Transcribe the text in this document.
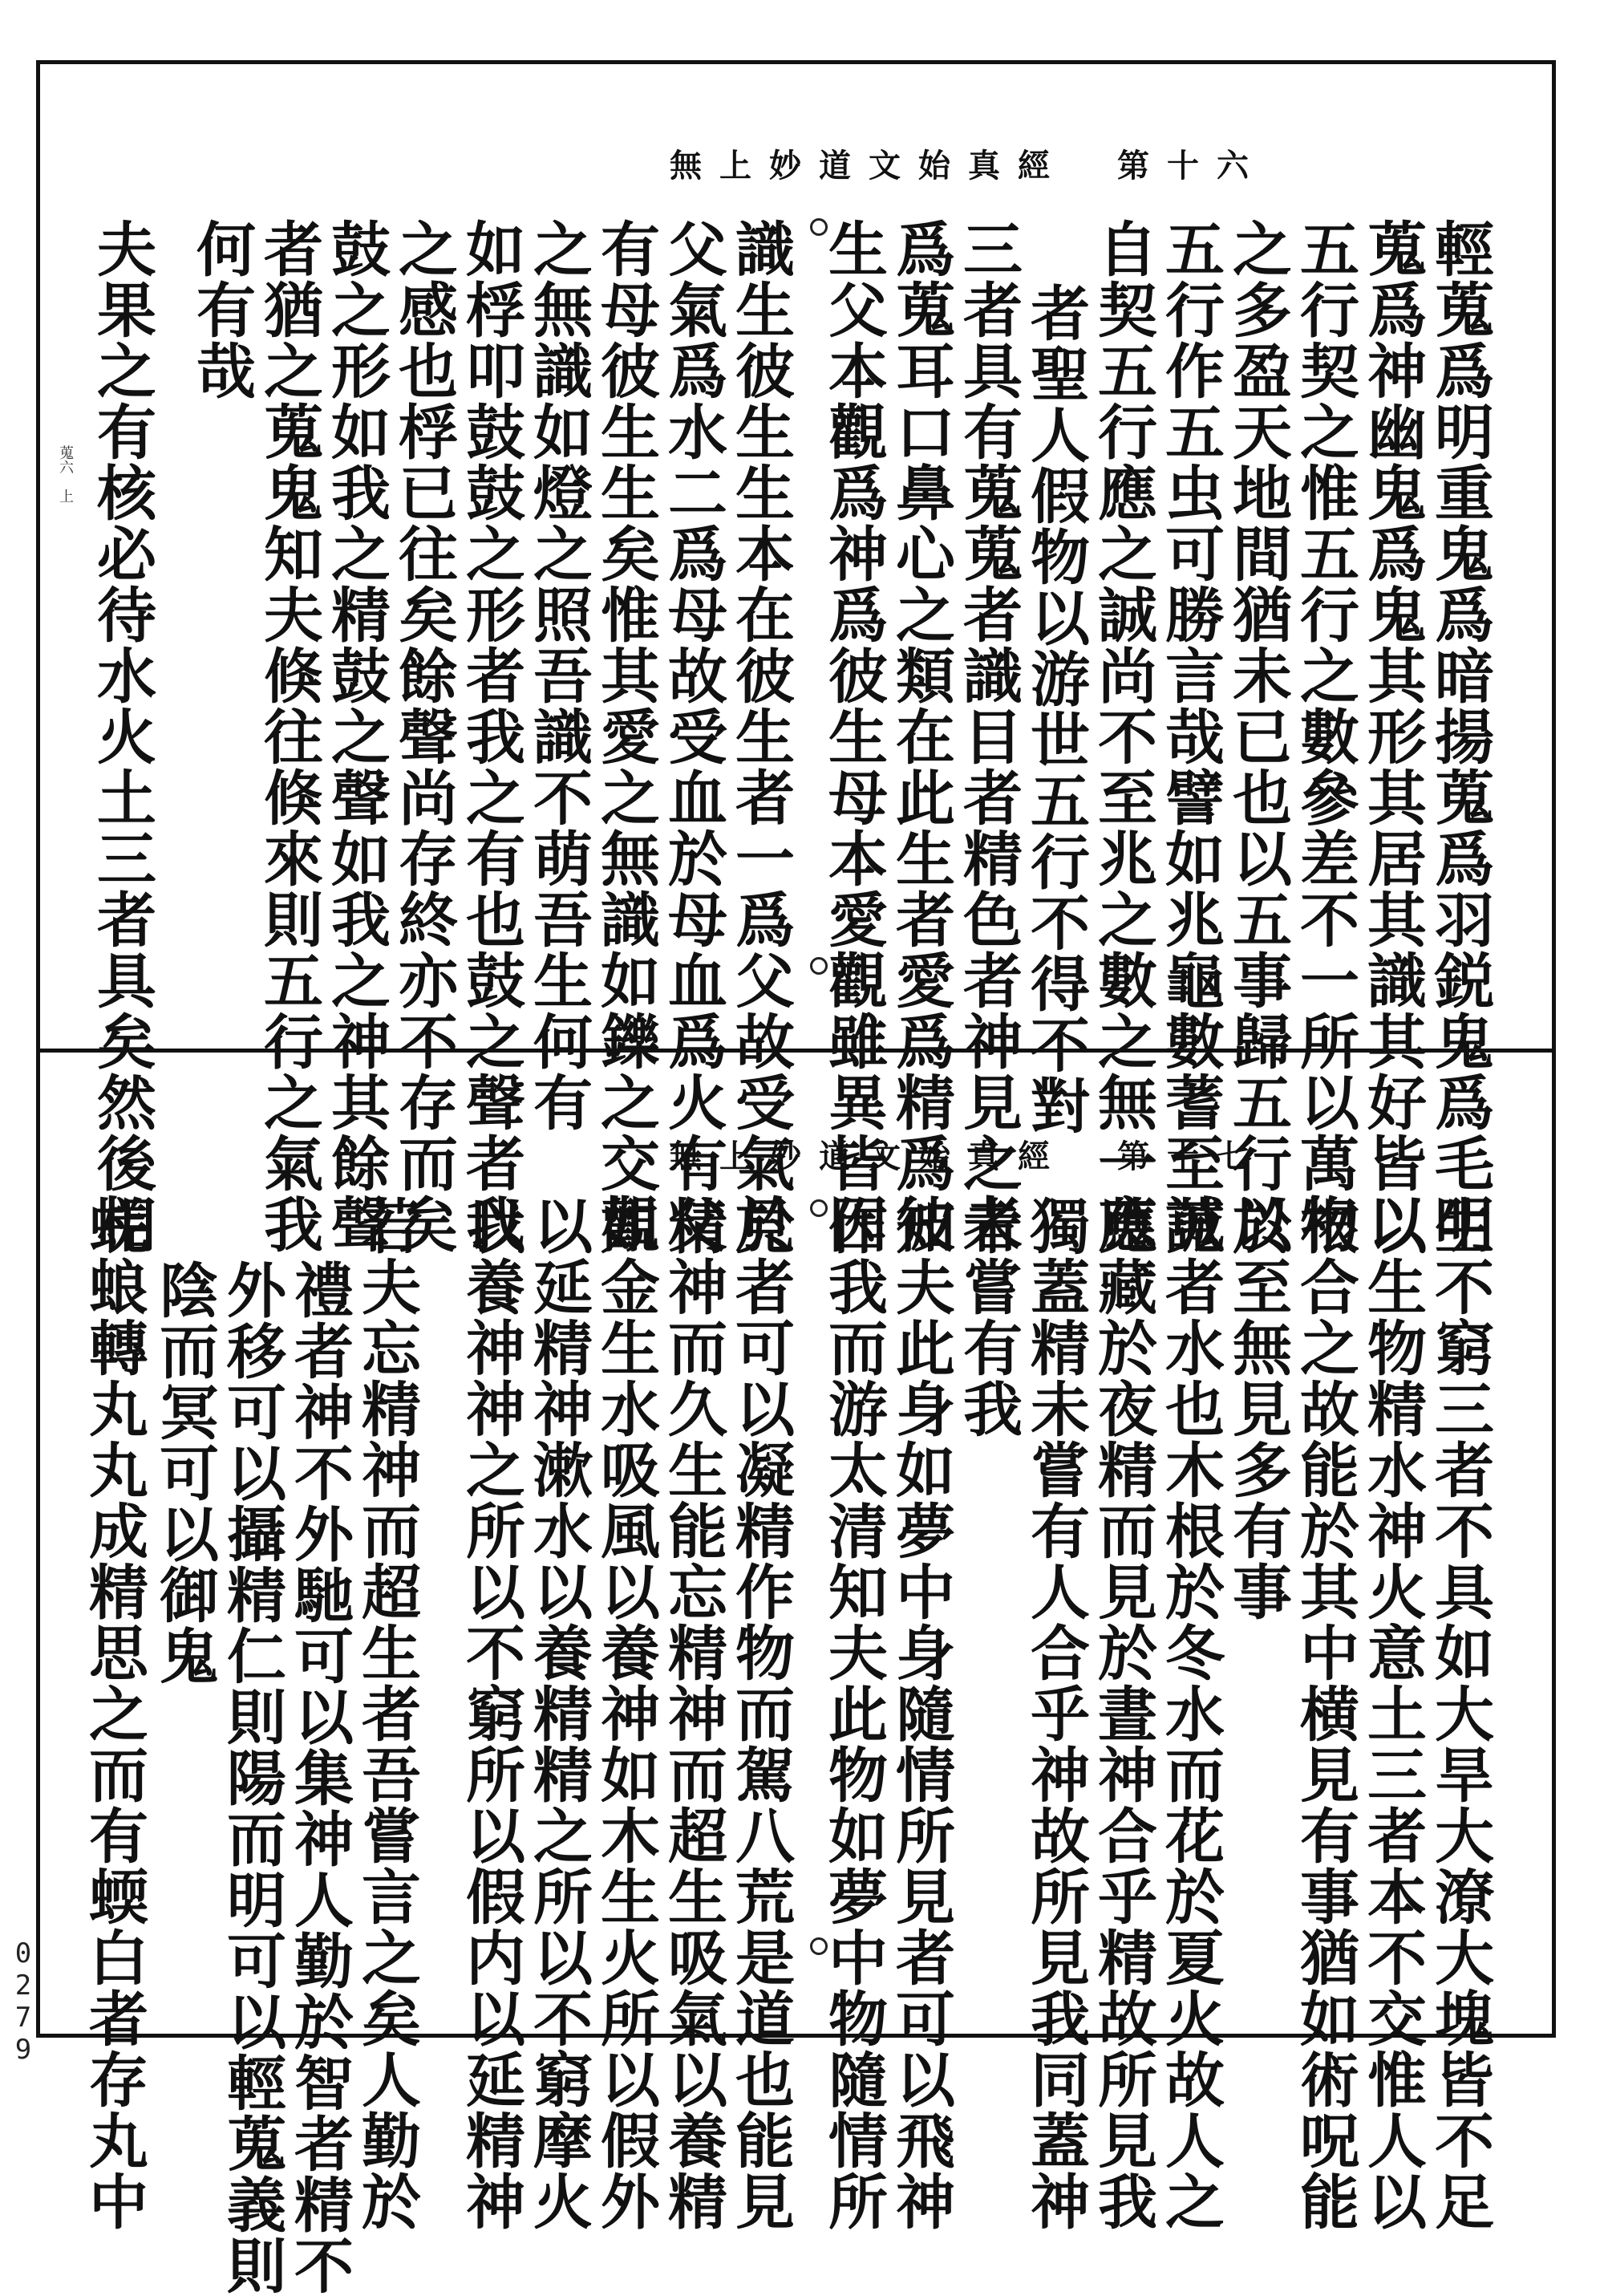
無上妙道文始真經　第十六
輕蒐爲明重鬼爲暗揚蒐爲羽鋭鬼爲毛明
蒐爲神幽鬼爲鬼其形其居其識其好皆以
五行契之惟五行之數參差不一所以萬物
之多盈天地間猶未已也以五事歸五行以
五行作五虫可勝言哉譬如兆龜數蓍至誠
自契五行應之誠尚不至兆之數之無一應
者聖人假物以游世五行不得不對
三者具有蒐蒐者識目者精色者神見之者
爲蒐耳口鼻心之類在此生者愛爲精爲彼
生父本觀爲神爲彼生母本愛觀雖異皆因
識生彼生生本在彼生者一爲父故受氣於
父氣爲水二爲母故受血於母血爲火有父
有母彼生生矣惟其愛之無識如鑠之交觀
之無識如燈之照吾識不萌吾生何有
如桴叩鼓鼓之形者我之有也鼓之聲者我
之感也桴已往矣餘聲尚存終亦不存而矣
鼓之形如我之精鼓之聲如我之神其餘聲
者猶之蒐鬼知夫倏往倏來則五行之氣我
何有哉
夫果之有核必待水火土三者具矣然後相
蒐六　上
無上妙道文始真經　第十七
生不窮三者不具如大旱大潦大塊皆不足
以生物精水神火意土三者本不交惟人以
根合之故能於其中横見有事猶如術呪能
於至無見多有事
蒐者水也木根於冬水而花於夏火故人之
蒐藏於夜精而見於晝神合乎精故所見我
獨蓋精未嘗有人合乎神故所見我同蓋神
未嘗有我
知夫此身如夢中身隨情所見者可以飛神
作我而游太清知夫此物如夢中物隨情所
見者可以凝精作物而駕八荒是道也能見
精神而久生能忘精神而超生吸氣以養精
如金生水吸風以養神如木生火所以假外
以延精神漱水以養精精之所以不窮摩火
以養神神之所以不窮所以假内以延精神
若夫忘精神而超生者吾嘗言之矣人勤於
禮者神不外馳可以集神人勤於智者精不
外移可以攝精仁則陽而明可以輕蒐義則
陰而冥可以御鬼
蜣蜋轉丸丸成精思之而有蝡白者存丸中
0279
